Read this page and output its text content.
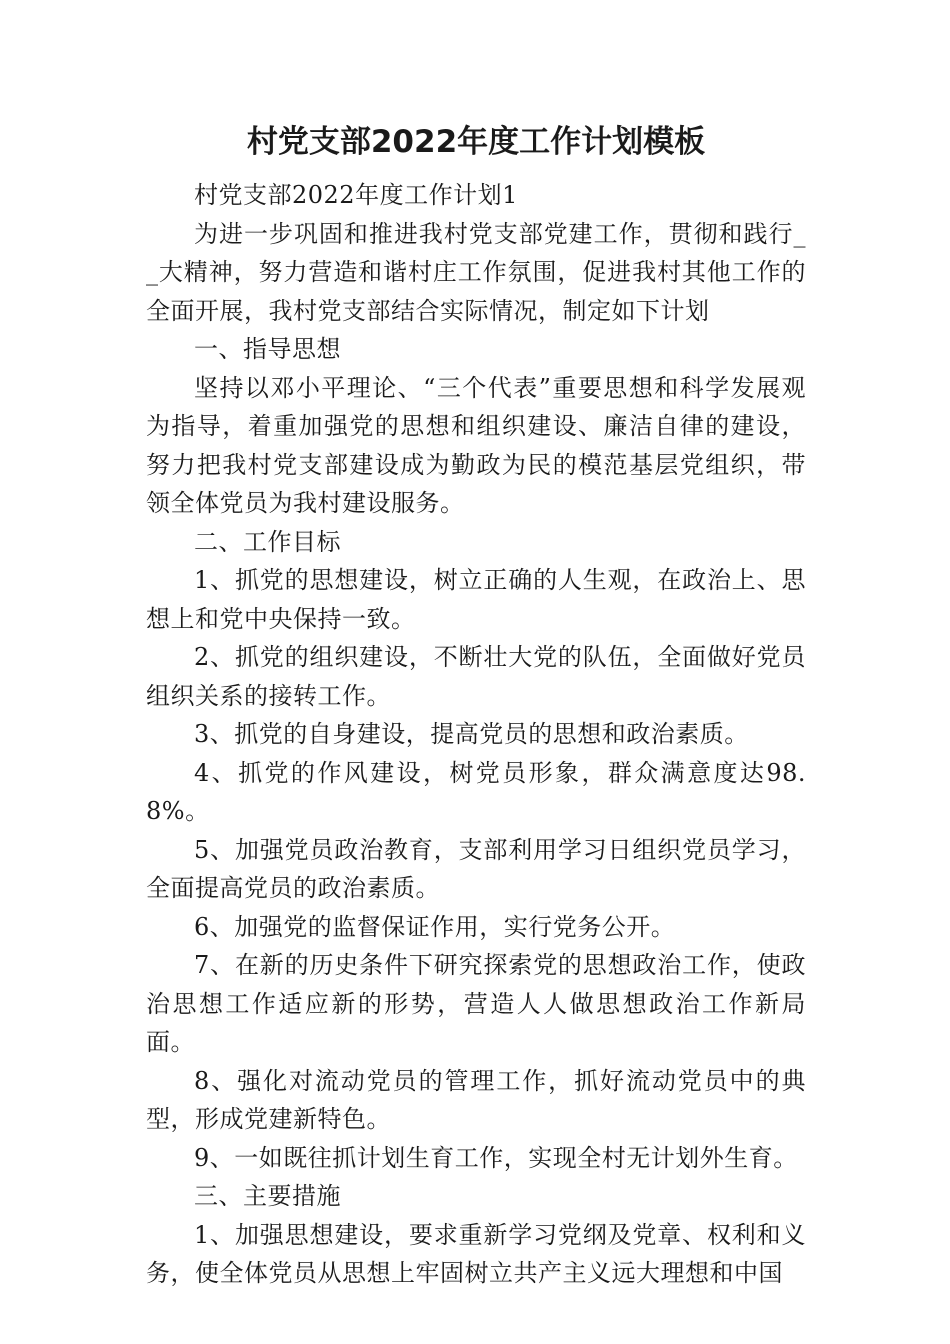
村党支部2022年度工作计划模板

村党支部2022年度工作计划1

为进一步巩固和推进我村党支部党建工作，贯彻和践行__大精神，努力营造和谐村庄工作氛围，促进我村其他工作的全面开展，我村党支部结合实际情况，制定如下计划

一、指导思想

坚持以邓小平理论、“三个代表”重要思想和科学发展观为指导，着重加强党的思想和组织建设、廉洁自律的建设，努力把我村党支部建设成为勤政为民的模范基层党组织，带领全体党员为我村建设服务。

二、工作目标

1、抓党的思想建设，树立正确的人生观，在政治上、思想上和党中央保持一致。

2、抓党的组织建设，不断壮大党的队伍，全面做好党员组织关系的接转工作。

3、抓党的自身建设，提高党员的思想和政治素质。

4、抓党的作风建设，树党员形象，群众满意度达98.8%。

5、加强党员政治教育，支部利用学习日组织党员学习，全面提高党员的政治素质。

6、加强党的监督保证作用，实行党务公开。

7、在新的历史条件下研究探索党的思想政治工作，使政治思想工作适应新的形势，营造人人做思想政治工作新局面。

8、强化对流动党员的管理工作，抓好流动党员中的典型，形成党建新特色。

9、一如既往抓计划生育工作，实现全村无计划外生育。

三、主要措施

1、加强思想建设，要求重新学习党纲及党章、权利和义务，使全体党员从思想上牢固树立共产主义远大理想和中国
